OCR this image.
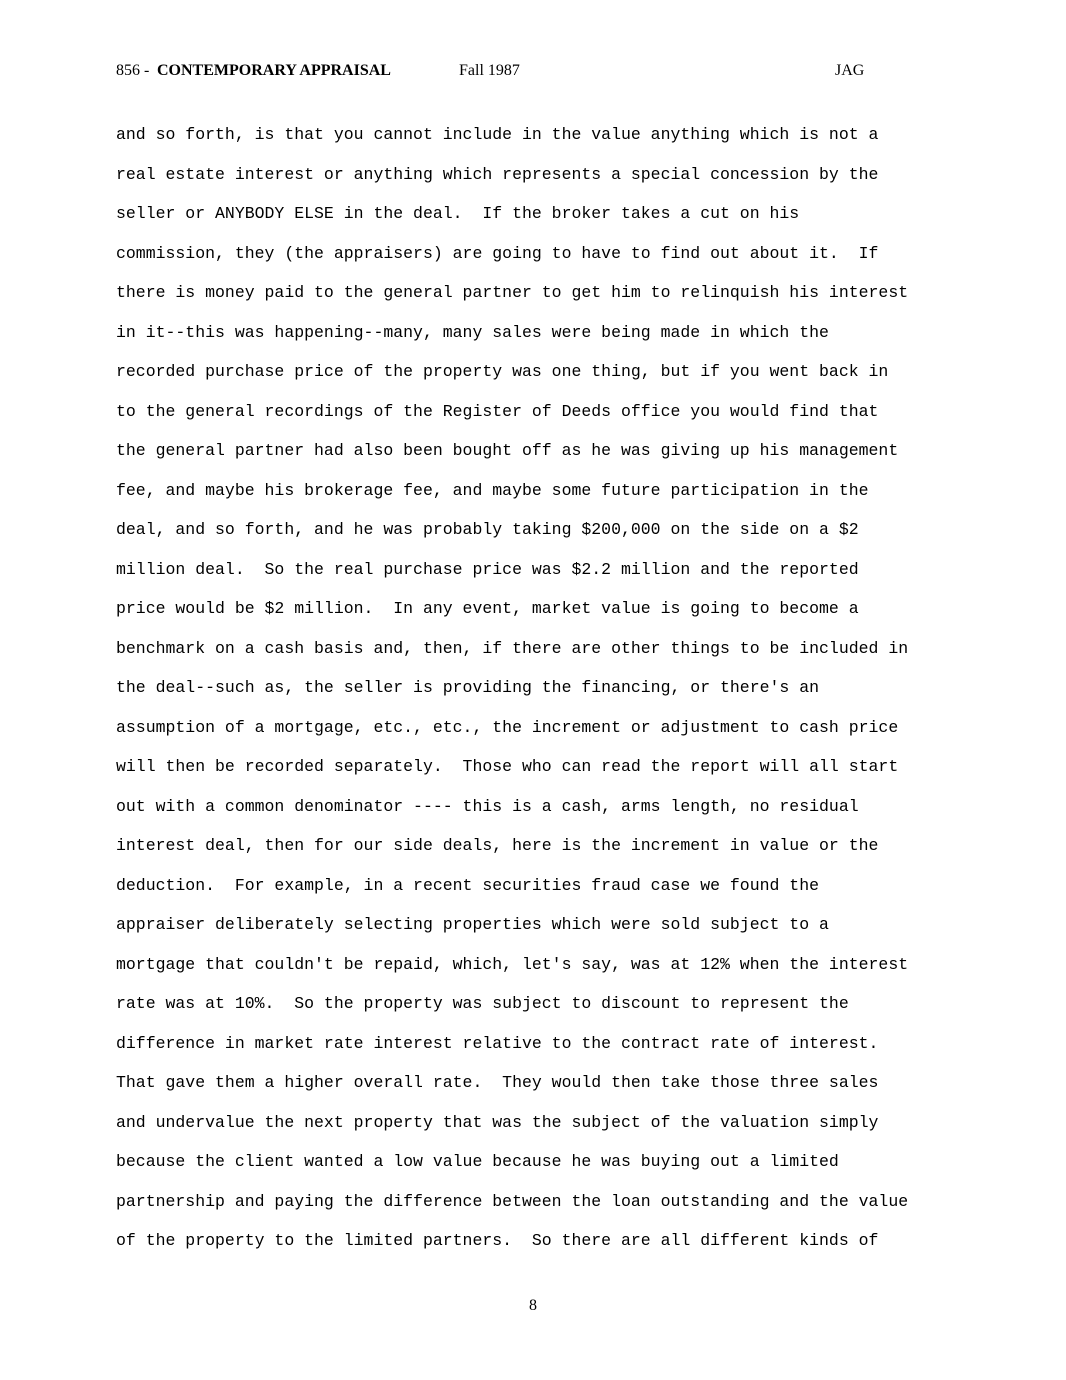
856 - CONTEMPORARY APPRAISAL	Fall 1987	JAG
and so forth, is that you cannot include in the value anything which is not a
real estate interest or anything which represents a special concession by the
seller or ANYBODY ELSE in the deal.  If the broker takes a cut on his
commission, they (the appraisers) are going to have to find out about it.  If
there is money paid to the general partner to get him to relinquish his interest
in it--this was happening--many, many sales were being made in which the
recorded purchase price of the property was one thing, but if you went back in
to the general recordings of the Register of Deeds office you would find that
the general partner had also been bought off as he was giving up his management
fee, and maybe his brokerage fee, and maybe some future participation in the
deal, and so forth, and he was probably taking $200,000 on the side on a $2
million deal.  So the real purchase price was $2.2 million and the reported
price would be $2 million.  In any event, market value is going to become a
benchmark on a cash basis and, then, if there are other things to be included in
the deal--such as, the seller is providing the financing, or there's an
assumption of a mortgage, etc., etc., the increment or adjustment to cash price
will then be recorded separately.  Those who can read the report will all start
out with a common denominator ---- this is a cash, arms length, no residual
interest deal, then for our side deals, here is the increment in value or the
deduction.  For example, in a recent securities fraud case we found the
appraiser deliberately selecting properties which were sold subject to a
mortgage that couldn't be repaid, which, let's say, was at 12% when the interest
rate was at 10%.  So the property was subject to discount to represent the
difference in market rate interest relative to the contract rate of interest.
That gave them a higher overall rate.  They would then take those three sales
and undervalue the next property that was the subject of the valuation simply
because the client wanted a low value because he was buying out a limited
partnership and paying the difference between the loan outstanding and the value
of the property to the limited partners.  So there are all different kinds of
8
